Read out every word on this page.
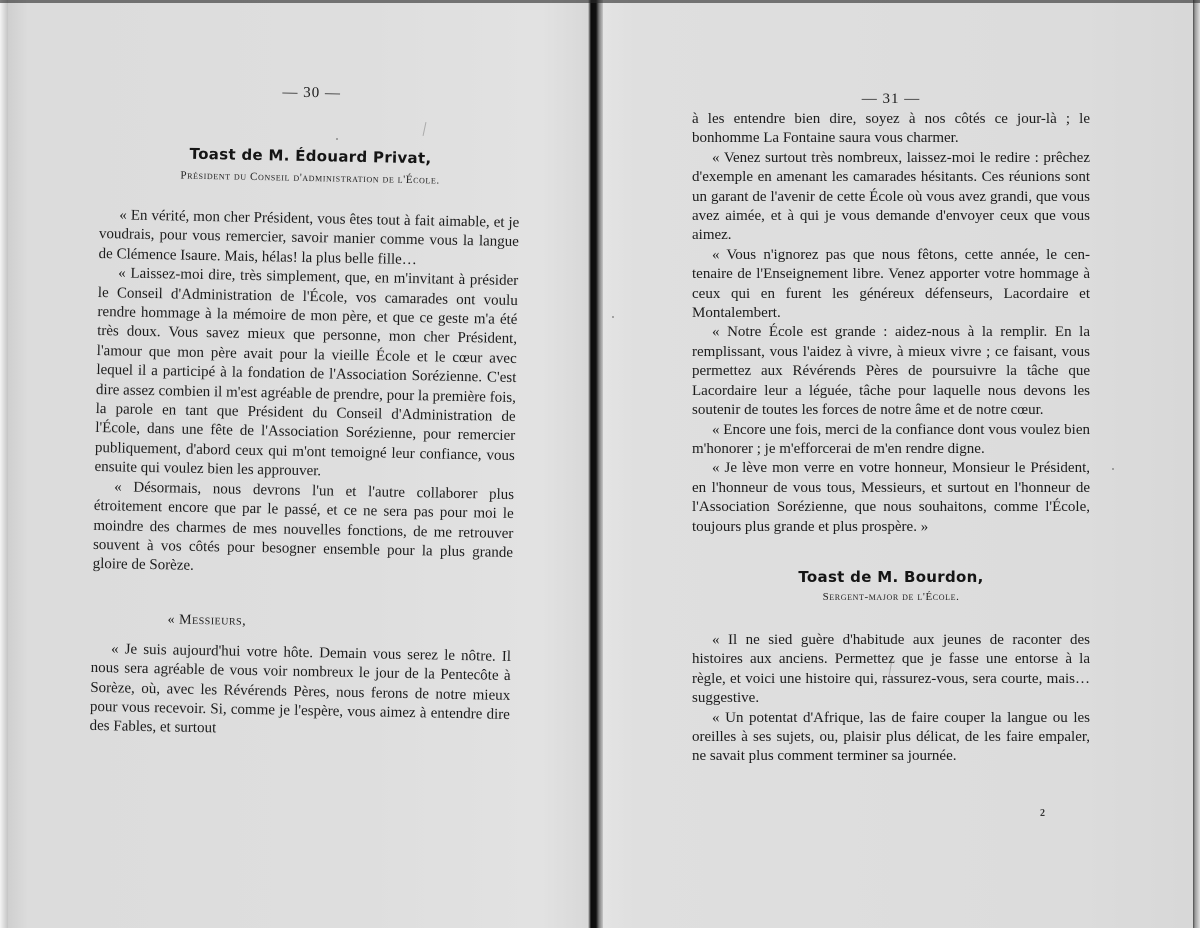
— 30 —

Toast de M. Édouard Privat,

Président du Conseil d'administration de l'École.

« En vérité, mon cher Président, vous êtes tout à fait aimable, et je voudrais, pour vous remercier, savoir manier comme vous la langue de Clémence Isaure. Mais, hélas! la plus belle fille…

« Laissez-moi dire, très simplement, que, en m'invitant à présider le Conseil d'Administration de l'École, vos camarades ont voulu rendre hommage à la mémoire de mon père, et que ce geste m'a été très doux. Vous savez mieux que personne, mon cher Président, l'amour que mon père avait pour la vieille École et le cœur avec lequel il a participé à la fondation de l'Association Sorézienne. C'est dire assez combien il m'est agréable de prendre, pour la première fois, la parole en tant que Président du Conseil d'Administration de l'École, dans une fête de l'Association Sorézienne, pour remercier publiquement, d'abord ceux qui m'ont temoigné leur confiance, vous ensuite qui voulez bien les approuver.

« Désormais, nous devrons l'un et l'autre collaborer plus étroitement encore que par le passé, et ce ne sera pas pour moi le moindre des charmes de mes nouvelles fonctions, de me retrouver souvent à vos côtés pour besogner ensemble pour la plus grande gloire de Sorèze.

« Messieurs,

« Je suis aujourd'hui votre hôte. Demain vous serez le nôtre. Il nous sera agréable de vous voir nombreux le jour de la Pentecôte à Sorèze, où, avec les Révérends Pères, nous ferons de notre mieux pour vous recevoir. Si, comme je l'espère, vous aimez à entendre dire des Fables, et surtout

— 31 —

à les entendre bien dire, soyez à nos côtés ce jour-là ; le bonhomme La Fontaine saura vous charmer.

« Venez surtout très nombreux, laissez-moi le redire : prêchez d'exemple en amenant les camarades hésitants. Ces réunions sont un garant de l'avenir de cette École où vous avez grandi, que vous avez aimée, et à qui je vous demande d'envoyer ceux que vous aimez.

« Vous n'ignorez pas que nous fêtons, cette année, le centenaire de l'Enseignement libre. Venez apporter votre hommage à ceux qui en furent les généreux défenseurs, Lacordaire et Montalembert.

« Notre École est grande : aidez-nous à la remplir. En la remplissant, vous l'aidez à vivre, à mieux vivre ; ce faisant, vous permettez aux Révérends Pères de poursuivre la tâche que Lacordaire leur a léguée, tâche pour laquelle nous devons les soutenir de toutes les forces de notre âme et de notre cœur.

« Encore une fois, merci de la confiance dont vous voulez bien m'honorer ; je m'efforcerai de m'en rendre digne.

« Je lève mon verre en votre honneur, Monsieur le Président, en l'honneur de vous tous, Messieurs, et surtout en l'honneur de l'Association Sorézienne, que nous souhaitons, comme l'École, toujours plus grande et plus prospère. »

Toast de M. Bourdon,

Sergent-major de l'École.

« Il ne sied guère d'habitude aux jeunes de raconter des histoires aux anciens. Permettez que je fasse une entorse à la règle, et voici une histoire qui, rassurez-vous, sera courte, mais… suggestive.

« Un potentat d'Afrique, las de faire couper la langue ou les oreilles à ses sujets, ou, plaisir plus délicat, de les faire empaler, ne savait plus comment terminer sa journée.

2
